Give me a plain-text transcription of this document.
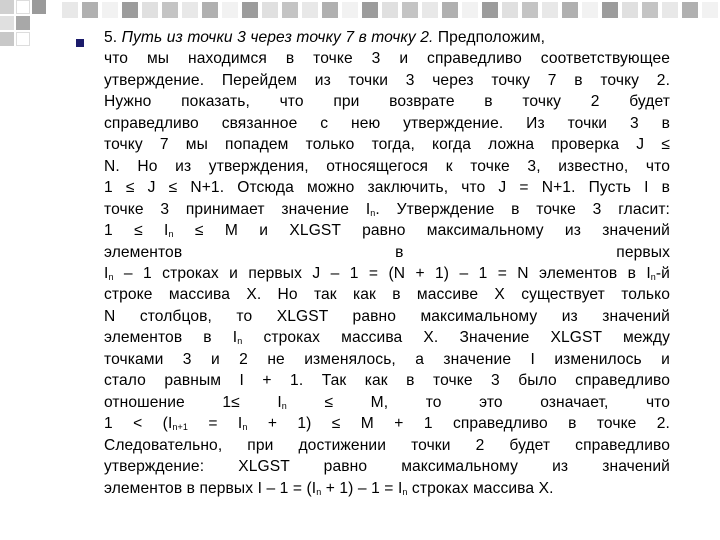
5. Путь из точки 3 через точку 7 в точку 2. Предположим,
что мы находимся в точке 3 и справедливо соответствующее
утверждение. Перейдем из точки 3 через точку 7 в точку 2.
Нужно показать, что при возврате в точку 2 будет
справедливо связанное с нею утверждение. Из точки 3 в
точку 7 мы попадем только тогда, когда ложна проверка J ≤
N. Но из утверждения, относящегося к точке 3, известно, что
1 ≤ J ≤ N+1. Отсюда можно заключить, что J = N+1. Пусть I в
точке 3 принимает значение $I_n$. Утверждение в точке 3 гласит:
$1 \le I_n \le M$ и XLGST равно максимальному из значений
элементов в первых
$I_n - 1$ строках и первых J – 1 = (N + 1) – 1 = N элементов в $I_n-й$
строке массива X. Но так как в массиве X существует только
N столбцов, то XLGST равно максимальному из значений
элементов в $I_n$ строках массива X. Значение XLGST между
точками 3 и 2 не изменялось, а значение I изменилось и
стало равным I + 1. Так как в точке 3 было справедливо
отношение $1\le I_n \le M$, то это означает, что
$1 < (I_{n+1} = I_n + 1) \le M + 1$ справедливо в точке 2.
Следовательно, при достижении точки 2 будет справедливо
утверждение: XLGST равно максимальному из значений
элементов в первых $I - 1 = (I_n + 1) - 1 = I_n$ строках массива X.
